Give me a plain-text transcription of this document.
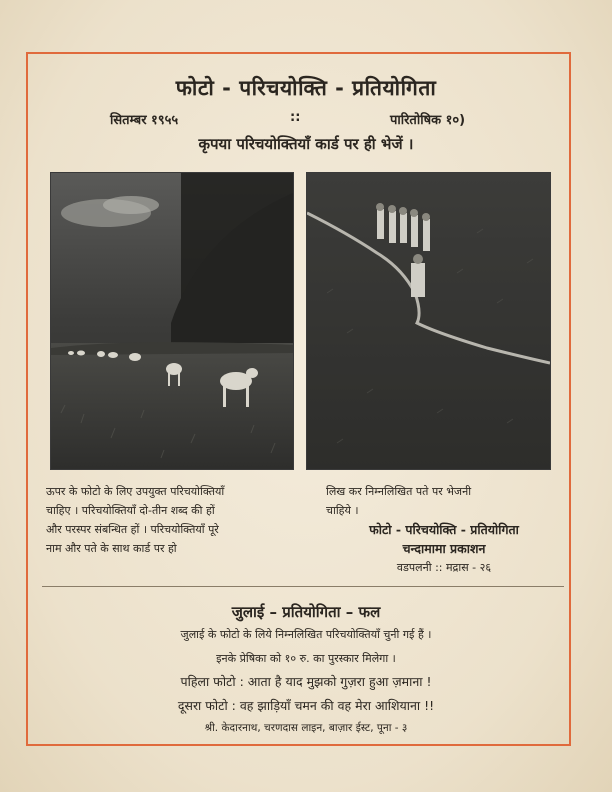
फोटो - परिचयोक्ति - प्रतियोगिता
सितम्बर १९५५	::	पारितोषिक १०)
कृपया परिचयोक्तियाँ कार्ड पर ही भेजें ।
ऊपर के फोटो के लिए उपयुक्त परिचयोक्तियाँ
चाहिए । परिचयोक्तियाँ दो-तीन शब्द की हों
और परस्पर संबन्धित हों । परिचयोक्तियाँ पूरे
नाम और पते के साथ कार्ड पर हो
लिख कर निम्नलिखित पते पर भेजनी
चाहिये ।
फोटो - परिचयोक्ति - प्रतियोगिता
चन्दामामा प्रकाशन
वडपलनी :: मद्रास - २६
जुलाई – प्रतियोगिता – फल
जुलाई के फोटो के लिये निम्नलिखित परिचयोक्तियाँ चुनी गई हैं ।
इनके प्रेषिका को १० रु. का पुरस्कार मिलेगा ।
पहिला फोटो : आता है याद मुझको गुज़रा हुआ ज़माना !
दूसरा फोटो : वह झाड़ियाँ चमन की वह मेरा आशियाना !!
श्री. केदारनाथ, चरणदास लाइन, बाज़ार ईस्ट, पूना - ३
